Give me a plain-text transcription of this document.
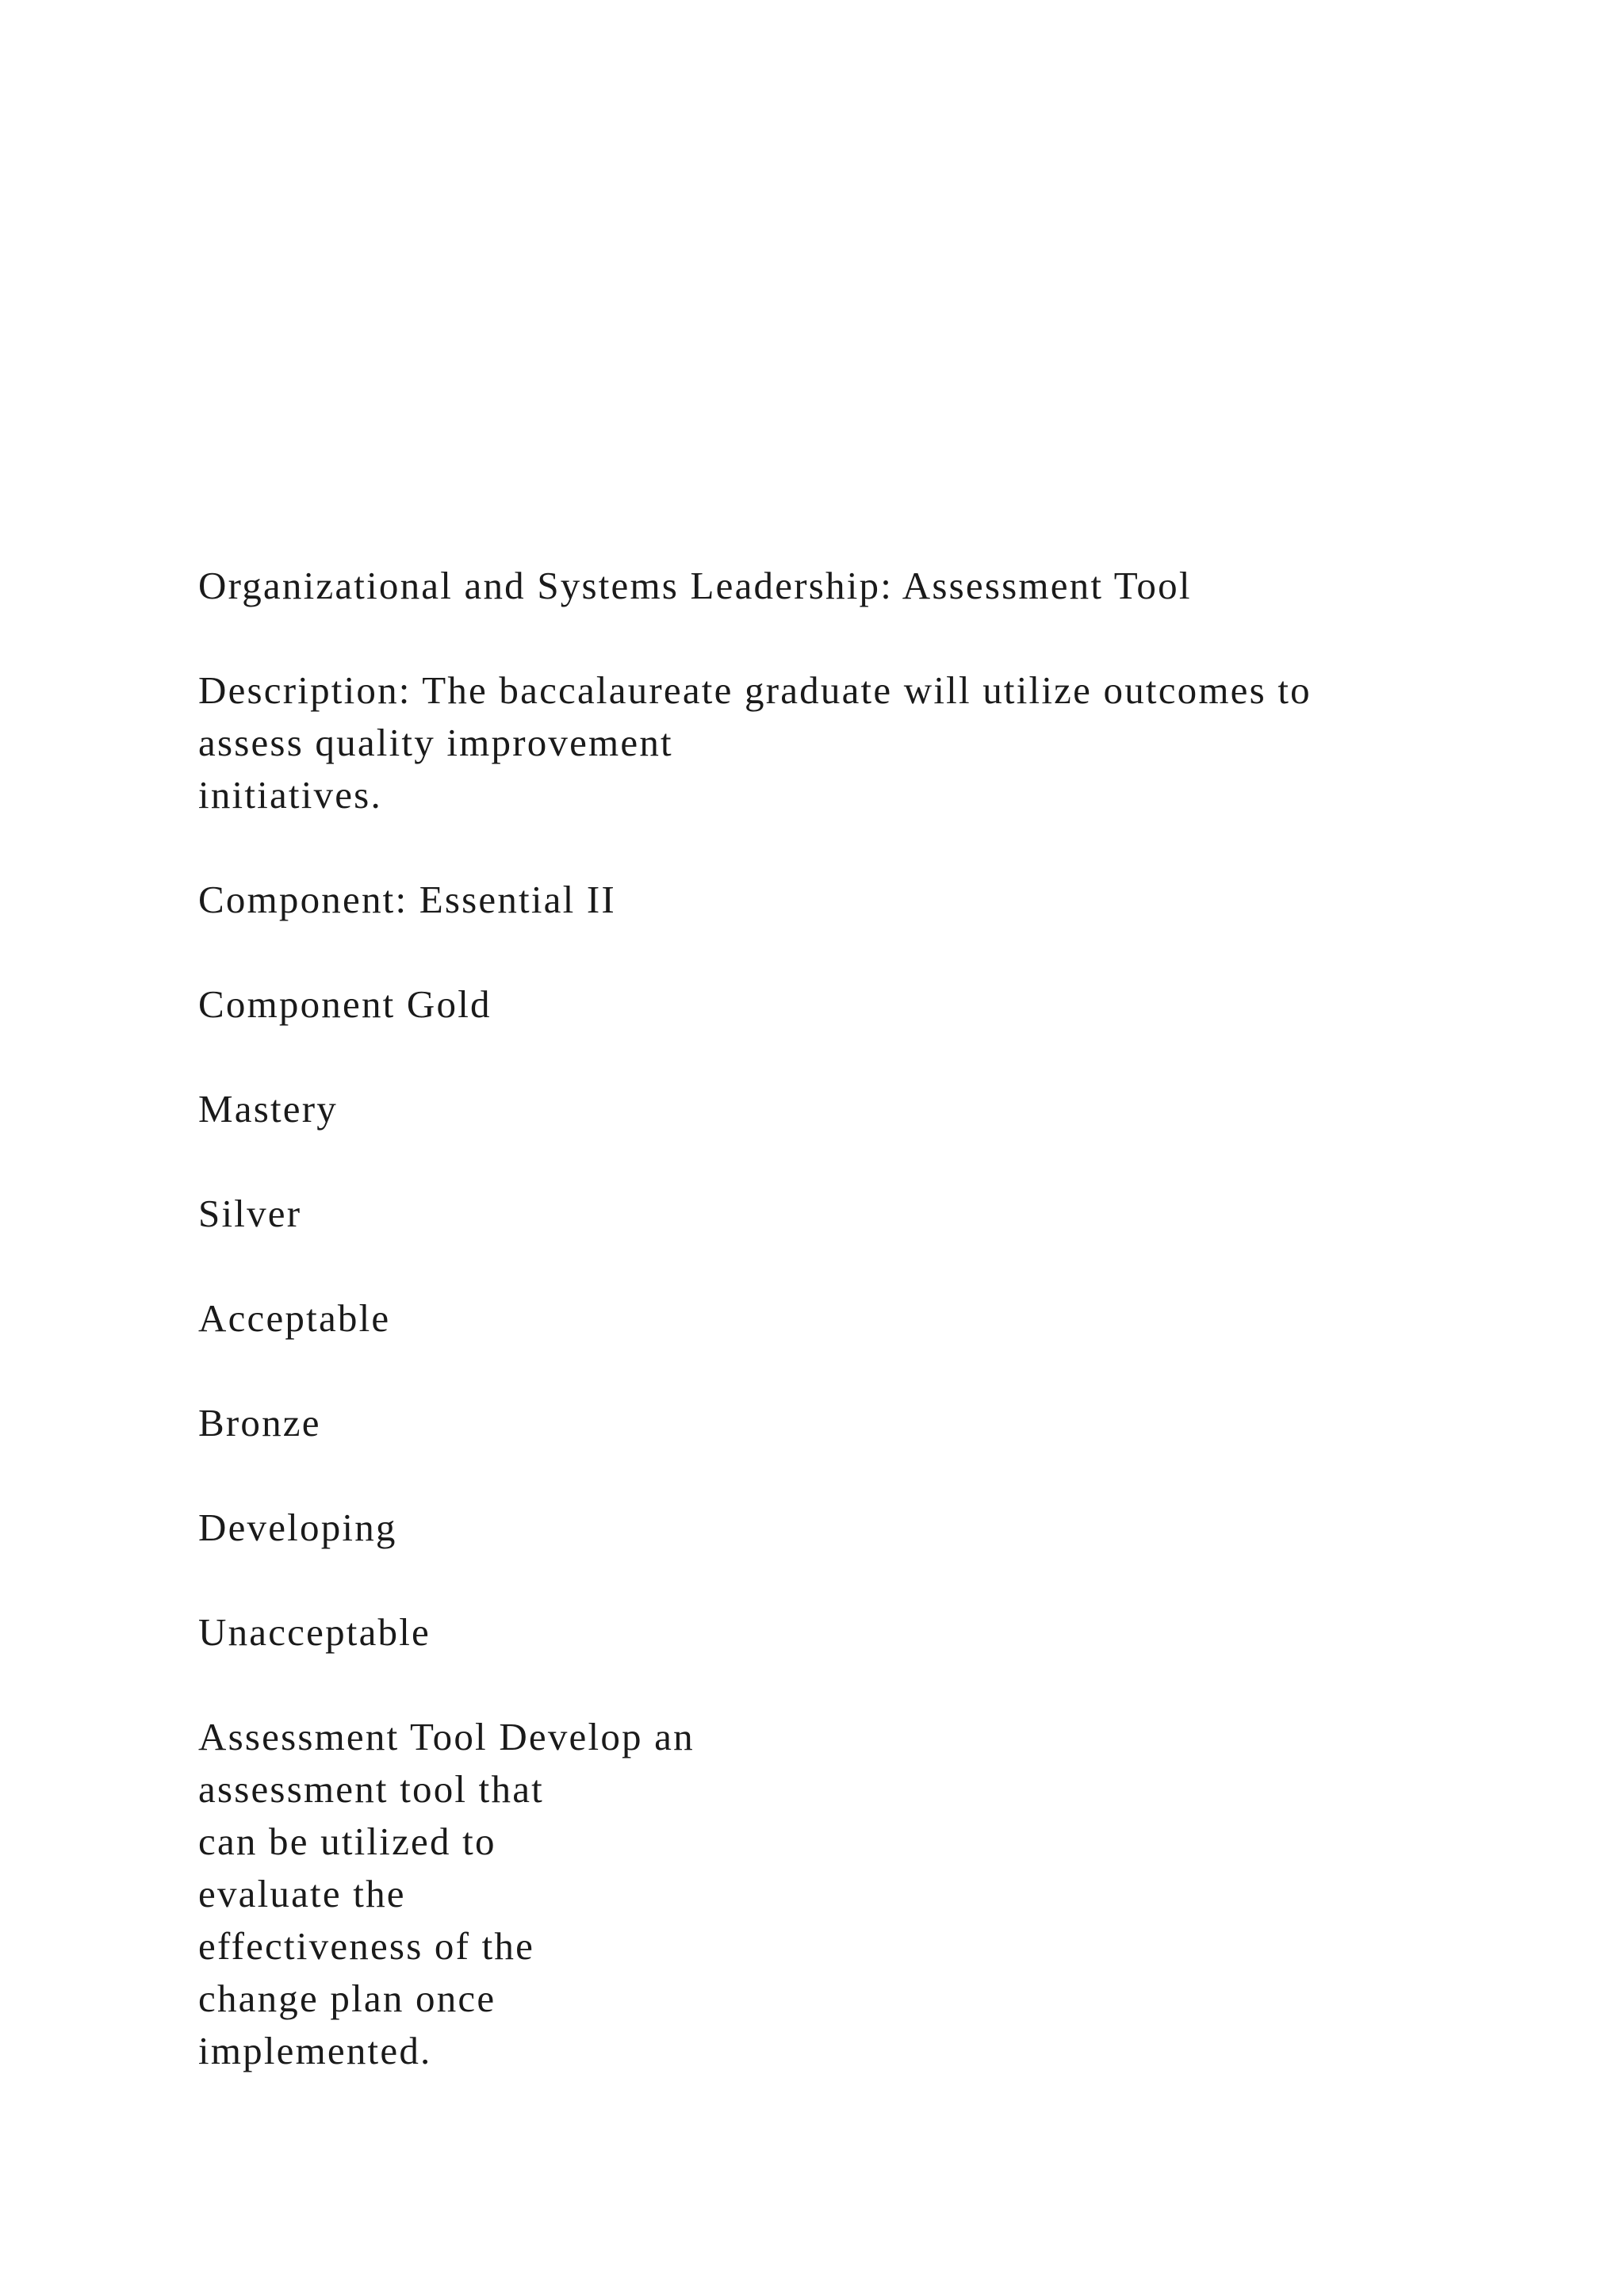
Organizational and Systems Leadership: Assessment Tool

Description: The baccalaureate graduate will utilize outcomes to
assess quality improvement
initiatives.

Component: Essential II

Component Gold

Mastery

Silver

Acceptable

Bronze

Developing

Unacceptable

Assessment Tool Develop an
assessment tool that
can be utilized to
evaluate the
effectiveness of the
change plan once
implemented.
